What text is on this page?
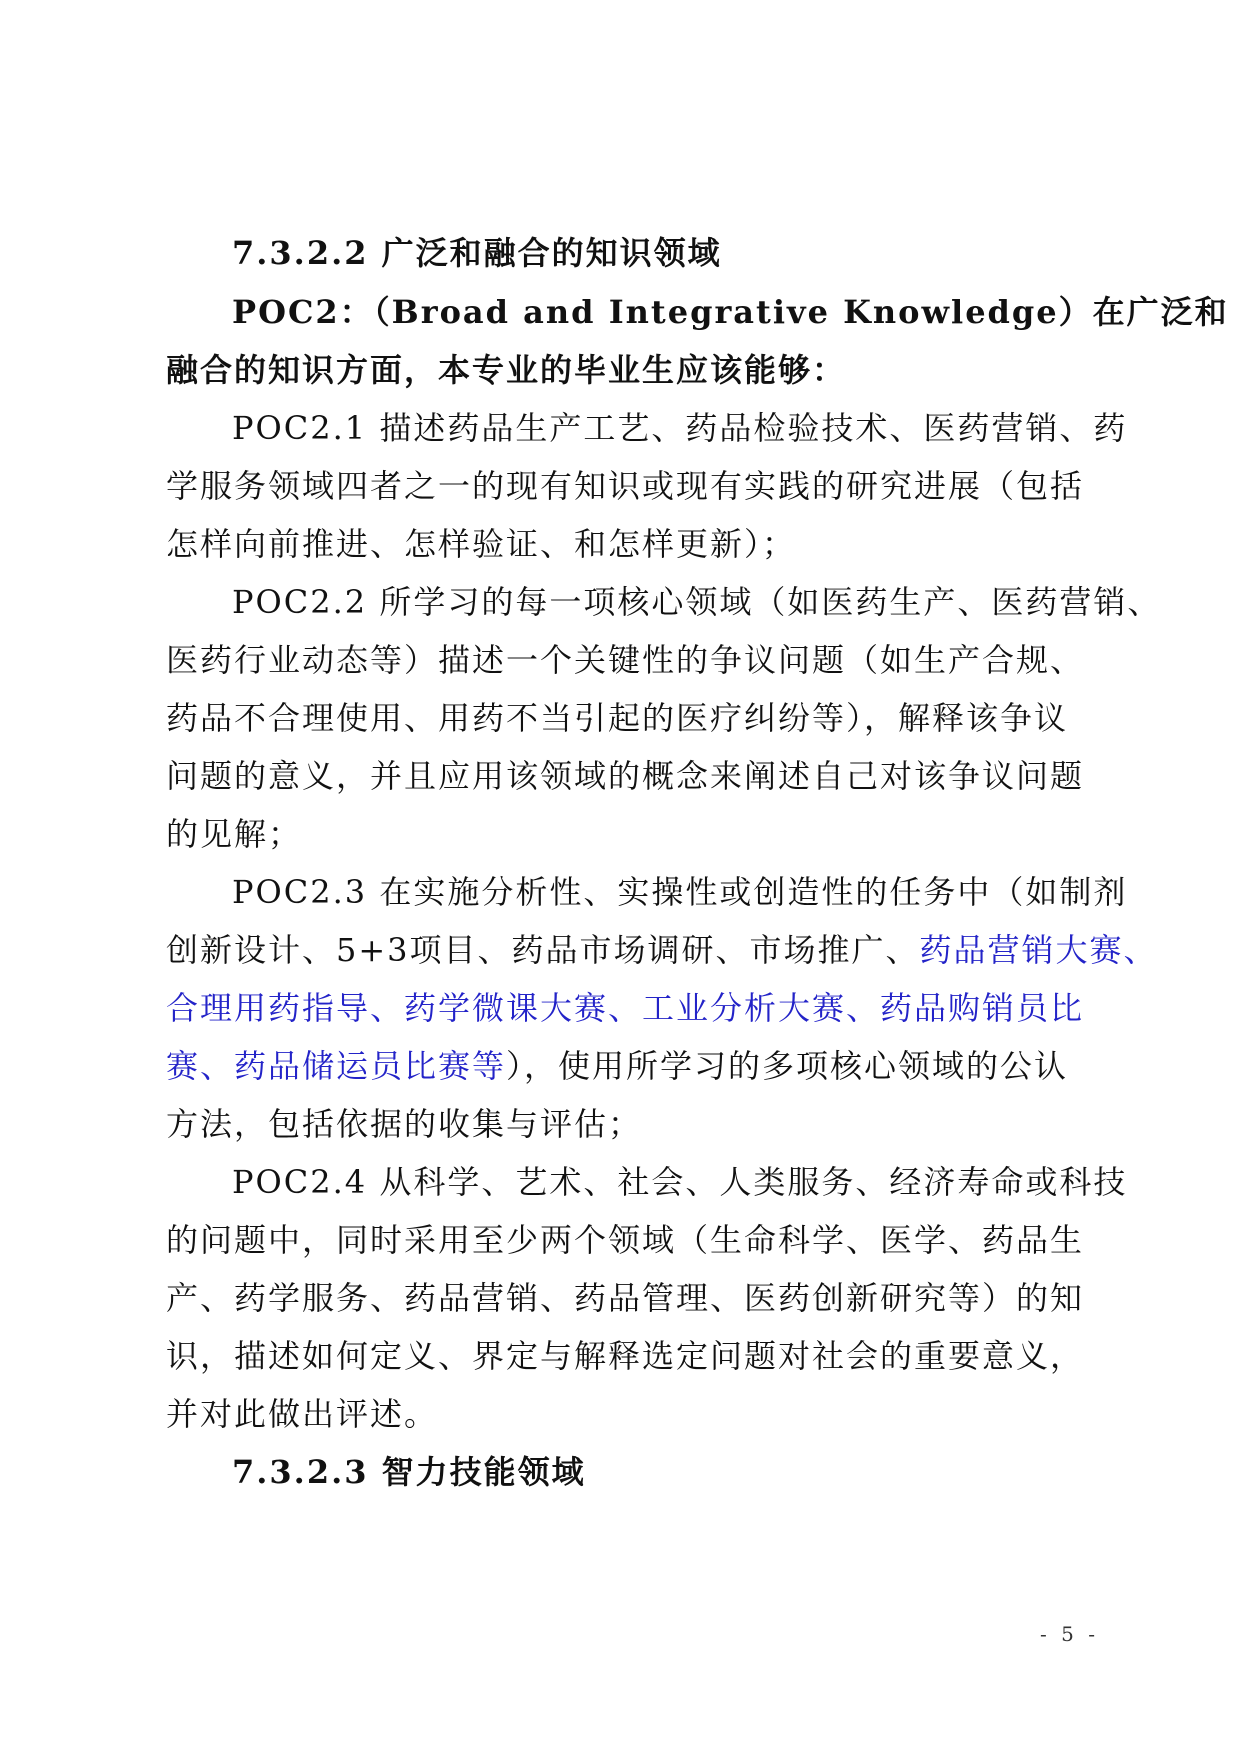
7.3.2.2 广泛和融合的知识领域
POC2：（Broad and Integrative Knowledge）在广泛和
融合的知识方面，本专业的毕业生应该能够：
POC2.1 描述药品生产工艺、药品检验技术、医药营销、药
学服务领域四者之一的现有知识或现有实践的研究进展（包括
怎样向前推进、怎样验证、和怎样更新）；
POC2.2 所学习的每一项核心领域（如医药生产、医药营销、
医药行业动态等）描述一个关键性的争议问题（如生产合规、
药品不合理使用、用药不当引起的医疗纠纷等），解释该争议
问题的意义，并且应用该领域的概念来阐述自己对该争议问题
的见解；
POC2.3 在实施分析性、实操性或创造性的任务中（如制剂
创新设计、5+3项目、药品市场调研、市场推广、药品营销大赛、
合理用药指导、药学微课大赛、工业分析大赛、药品购销员比
赛、药品储运员比赛等），使用所学习的多项核心领域的公认
方法，包括依据的收集与评估；
POC2.4 从科学、艺术、社会、人类服务、经济寿命或科技
的问题中，同时采用至少两个领域（生命科学、医学、药品生
产、药学服务、药品营销、药品管理、医药创新研究等）的知
识，描述如何定义、界定与解释选定问题对社会的重要意义，
并对此做出评述。
7.3.2.3 智力技能领域
- 5 -
